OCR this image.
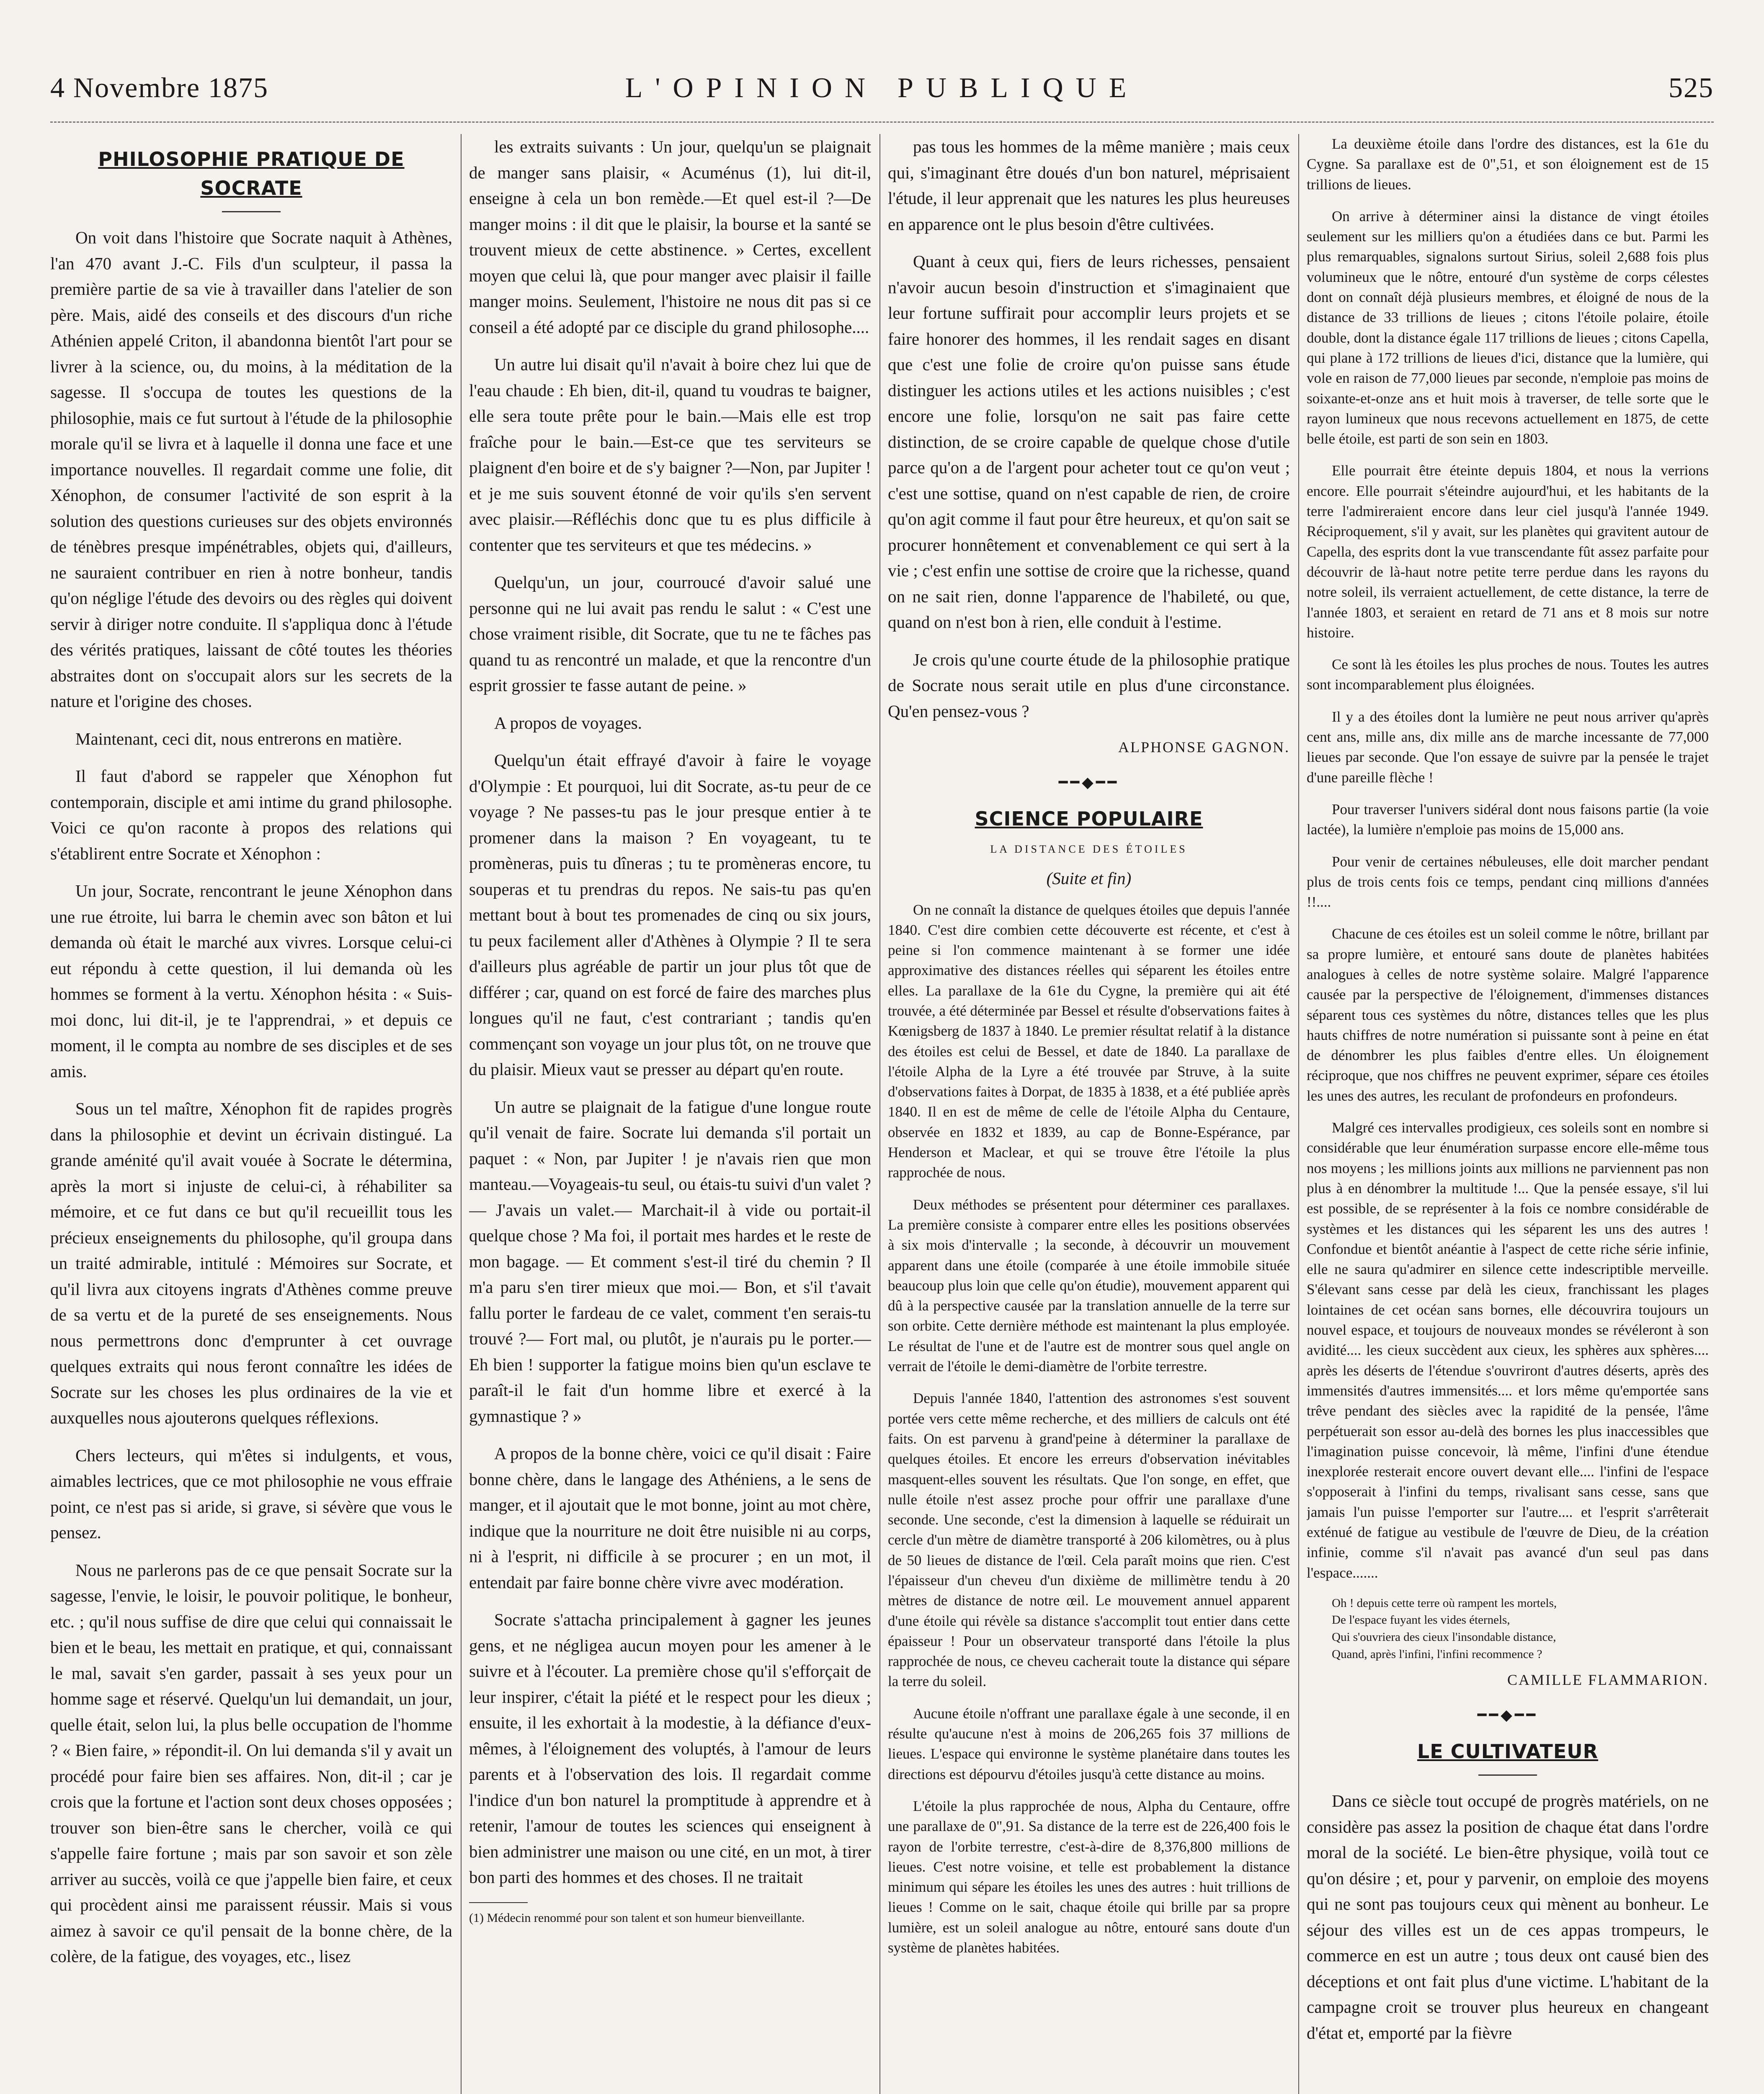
4 Novembre 1875	L'OPINION PUBLIQUE	525
PHILOSOPHIE PRATIQUE DE SOCRATE

On voit dans l'histoire que Socrate naquit à Athènes, l'an 470 avant J.-C. Fils d'un sculpteur, il passa la première partie de sa vie à travailler dans l'atelier de son père. Mais, aidé des conseils et des discours d'un riche Athénien appelé Criton, il abandonna bientôt l'art pour se livrer à la science, ou, du moins, à la méditation de la sagesse. Il s'occupa de toutes les questions de la philosophie, mais ce fut surtout à l'étude de la philosophie morale qu'il se livra et à laquelle il donna une face et une importance nouvelles. Il regardait comme une folie, dit Xénophon, de consumer l'activité de son esprit à la solution des questions curieuses sur des objets environnés de ténèbres presque impénétrables, objets qui, d'ailleurs, ne sauraient contribuer en rien à notre bonheur, tandis qu'on néglige l'étude des devoirs ou des règles qui doivent servir à diriger notre conduite. Il s'appliqua donc à l'étude des vérités pratiques, laissant de côté toutes les théories abstraites dont on s'occupait alors sur les secrets de la nature et l'origine des choses.

Maintenant, ceci dit, nous entrerons en matière.

Il faut d'abord se rappeler que Xénophon fut contemporain, disciple et ami intime du grand philosophe. Voici ce qu'on raconte à propos des relations qui s'établirent entre Socrate et Xénophon :

Un jour, Socrate, rencontrant le jeune Xénophon dans une rue étroite, lui barra le chemin avec son bâton et lui demanda où était le marché aux vivres. Lorsque celui-ci eut répondu à cette question, il lui demanda où les hommes se forment à la vertu. Xénophon hésita : « Suis-moi donc, lui dit-il, je te l'apprendrai, » et depuis ce moment, il le compta au nombre de ses disciples et de ses amis.

Sous un tel maître, Xénophon fit de rapides progrès dans la philosophie et devint un écrivain distingué. La grande aménité qu'il avait vouée à Socrate le détermina, après la mort si injuste de celui-ci, à réhabiliter sa mémoire, et ce fut dans ce but qu'il recueillit tous les précieux enseignements du philosophe, qu'il groupa dans un traité admirable, intitulé : Mémoires sur Socrate, et qu'il livra aux citoyens ingrats d'Athènes comme preuve de sa vertu et de la pureté de ses enseignements. Nous nous permettrons donc d'emprunter à cet ouvrage quelques extraits qui nous feront connaître les idées de Socrate sur les choses les plus ordinaires de la vie et auxquelles nous ajouterons quelques réflexions.

Chers lecteurs, qui m'êtes si indulgents, et vous, aimables lectrices, que ce mot philosophie ne vous effraie point, ce n'est pas si aride, si grave, si sévère que vous le pensez.

Nous ne parlerons pas de ce que pensait Socrate sur la sagesse, l'envie, le loisir, le pouvoir politique, le bonheur, etc. ; qu'il nous suffise de dire que celui qui connaissait le bien et le beau, les mettait en pratique, et qui, connaissant le mal, savait s'en garder, passait à ses yeux pour un homme sage et réservé. Quelqu'un lui demandait, un jour, quelle était, selon lui, la plus belle occupation de l'homme ? « Bien faire, » répondit-il. On lui demanda s'il y avait un procédé pour faire bien ses affaires. Non, dit-il ; car je crois que la fortune et l'action sont deux choses opposées ; trouver son bien-être sans le chercher, voilà ce qui s'appelle faire fortune ; mais par son savoir et son zèle arriver au succès, voilà ce que j'appelle bien faire, et ceux qui procèdent ainsi me paraissent réussir. Mais si vous aimez à savoir ce qu'il pensait de la bonne chère, de la colère, de la fatigue, des voyages, etc., lisez

les extraits suivants : Un jour, quelqu'un se plaignait de manger sans plaisir, « Acuménus (1), lui dit-il, enseigne à cela un bon remède.—Et quel est-il ?—De manger moins : il dit que le plaisir, la bourse et la santé se trouvent mieux de cette abstinence. » Certes, excellent moyen que celui là, que pour manger avec plaisir il faille manger moins. Seulement, l'histoire ne nous dit pas si ce conseil a été adopté par ce disciple du grand philosophe....

Un autre lui disait qu'il n'avait à boire chez lui que de l'eau chaude : Eh bien, dit-il, quand tu voudras te baigner, elle sera toute prête pour le bain.—Mais elle est trop fraîche pour le bain.—Est-ce que tes serviteurs se plaignent d'en boire et de s'y baigner ?—Non, par Jupiter ! et je me suis souvent étonné de voir qu'ils s'en servent avec plaisir.—Réfléchis donc que tu es plus difficile à contenter que tes serviteurs et que tes médecins. »

Quelqu'un, un jour, courroucé d'avoir salué une personne qui ne lui avait pas rendu le salut : « C'est une chose vraiment risible, dit Socrate, que tu ne te fâches pas quand tu as rencontré un malade, et que la rencontre d'un esprit grossier te fasse autant de peine. »

A propos de voyages.

Quelqu'un était effrayé d'avoir à faire le voyage d'Olympie : Et pourquoi, lui dit Socrate, as-tu peur de ce voyage ? Ne passes-tu pas le jour presque entier à te promener dans la maison ? En voyageant, tu te promèneras, puis tu dîneras ; tu te promèneras encore, tu souperas et tu prendras du repos. Ne sais-tu pas qu'en mettant bout à bout tes promenades de cinq ou six jours, tu peux facilement aller d'Athènes à Olympie ? Il te sera d'ailleurs plus agréable de partir un jour plus tôt que de différer ; car, quand on est forcé de faire des marches plus longues qu'il ne faut, c'est contrariant ; tandis qu'en commençant son voyage un jour plus tôt, on ne trouve que du plaisir. Mieux vaut se presser au départ qu'en route.

Un autre se plaignait de la fatigue d'une longue route qu'il venait de faire. Socrate lui demanda s'il portait un paquet : « Non, par Jupiter ! je n'avais rien que mon manteau.—Voyageais-tu seul, ou étais-tu suivi d'un valet ?— J'avais un valet.— Marchait-il à vide ou portait-il quelque chose ? Ma foi, il portait mes hardes et le reste de mon bagage. — Et comment s'est-il tiré du chemin ? Il m'a paru s'en tirer mieux que moi.— Bon, et s'il t'avait fallu porter le fardeau de ce valet, comment t'en serais-tu trouvé ?— Fort mal, ou plutôt, je n'aurais pu le porter.— Eh bien ! supporter la fatigue moins bien qu'un esclave te paraît-il le fait d'un homme libre et exercé à la gymnastique ? »

A propos de la bonne chère, voici ce qu'il disait : Faire bonne chère, dans le langage des Athéniens, a le sens de manger, et il ajoutait que le mot bonne, joint au mot chère, indique que la nourriture ne doit être nuisible ni au corps, ni à l'esprit, ni difficile à se procurer ; en un mot, il entendait par faire bonne chère vivre avec modération.

Socrate s'attacha principalement à gagner les jeunes gens, et ne négligea aucun moyen pour les amener à le suivre et à l'écouter. La première chose qu'il s'efforçait de leur inspirer, c'était la piété et le respect pour les dieux ; ensuite, il les exhortait à la modestie, à la défiance d'eux-mêmes, à l'éloignement des voluptés, à l'amour de leurs parents et à l'observation des lois. Il regardait comme l'indice d'un bon naturel la promptitude à apprendre et à retenir, l'amour de toutes les sciences qui enseignent à bien administrer une maison ou une cité, en un mot, à tirer bon parti des hommes et des choses. Il ne traitait

(1) Médecin renommé pour son talent et son humeur bienveillante.

pas tous les hommes de la même manière ; mais ceux qui, s'imaginant être doués d'un bon naturel, méprisaient l'étude, il leur apprenait que les natures les plus heureuses en apparence ont le plus besoin d'être cultivées.

Quant à ceux qui, fiers de leurs richesses, pensaient n'avoir aucun besoin d'instruction et s'imaginaient que leur fortune suffirait pour accomplir leurs projets et se faire honorer des hommes, il les rendait sages en disant que c'est une folie de croire qu'on puisse sans étude distinguer les actions utiles et les actions nuisibles ; c'est encore une folie, lorsqu'on ne sait pas faire cette distinction, de se croire capable de quelque chose d'utile parce qu'on a de l'argent pour acheter tout ce qu'on veut ; c'est une sottise, quand on n'est capable de rien, de croire qu'on agit comme il faut pour être heureux, et qu'on sait se procurer honnêtement et convenablement ce qui sert à la vie ; c'est enfin une sottise de croire que la richesse, quand on ne sait rien, donne l'apparence de l'habileté, ou que, quand on n'est bon à rien, elle conduit à l'estime.

Je crois qu'une courte étude de la philosophie pratique de Socrate nous serait utile en plus d'une circonstance. Qu'en pensez-vous ?

ALPHONSE GAGNON.
━━◆━━
SCIENCE POPULAIRE
LA DISTANCE DES ÉTOILES
(Suite et fin)

On ne connaît la distance de quelques étoiles que depuis l'année 1840. C'est dire combien cette découverte est récente, et c'est à peine si l'on commence maintenant à se former une idée approximative des distances réelles qui séparent les étoiles entre elles. La parallaxe de la 61e du Cygne, la première qui ait été trouvée, a été déterminée par Bessel et résulte d'observations faites à Kœnigsberg de 1837 à 1840. Le premier résultat relatif à la distance des étoiles est celui de Bessel, et date de 1840. La parallaxe de l'étoile Alpha de la Lyre a été trouvée par Struve, à la suite d'observations faites à Dorpat, de 1835 à 1838, et a été publiée après 1840. Il en est de même de celle de l'étoile Alpha du Centaure, observée en 1832 et 1839, au cap de Bonne-Espérance, par Henderson et Maclear, et qui se trouve être l'étoile la plus rapprochée de nous.

Deux méthodes se présentent pour déterminer ces parallaxes. La première consiste à comparer entre elles les positions observées à six mois d'intervalle ; la seconde, à découvrir un mouvement apparent dans une étoile (comparée à une étoile immobile située beaucoup plus loin que celle qu'on étudie), mouvement apparent qui dû à la perspective causée par la translation annuelle de la terre sur son orbite. Cette dernière méthode est maintenant la plus employée. Le résultat de l'une et de l'autre est de montrer sous quel angle on verrait de l'étoile le demi-diamètre de l'orbite terrestre.

Depuis l'année 1840, l'attention des astronomes s'est souvent portée vers cette même recherche, et des milliers de calculs ont été faits. On est parvenu à grand'peine à déterminer la parallaxe de quelques étoiles. Et encore les erreurs d'observation inévitables masquent-elles souvent les résultats. Que l'on songe, en effet, que nulle étoile n'est assez proche pour offrir une parallaxe d'une seconde. Une seconde, c'est la dimension à laquelle se réduirait un cercle d'un mètre de diamètre transporté à 206 kilomètres, ou à plus de 50 lieues de distance de l'œil. Cela paraît moins que rien. C'est l'épaisseur d'un cheveu d'un dixième de millimètre tendu à 20 mètres de distance de notre œil. Le mouvement annuel apparent d'une étoile qui révèle sa distance s'accomplit tout entier dans cette épaisseur ! Pour un observateur transporté dans l'étoile la plus rapprochée de nous, ce cheveu cacherait toute la distance qui sépare la terre du soleil.

Aucune étoile n'offrant une parallaxe égale à une seconde, il en résulte qu'aucune n'est à moins de 206,265 fois 37 millions de lieues. L'espace qui environne le système planétaire dans toutes les directions est dépourvu d'étoiles jusqu'à cette distance au moins.

L'étoile la plus rapprochée de nous, Alpha du Centaure, offre une parallaxe de 0",91. Sa distance de la terre est de 226,400 fois le rayon de l'orbite terrestre, c'est-à-dire de 8,376,800 millions de lieues. C'est notre voisine, et telle est probablement la distance minimum qui sépare les étoiles les unes des autres : huit trillions de lieues ! Comme on le sait, chaque étoile qui brille par sa propre lumière, est un soleil analogue au nôtre, entouré sans doute d'un système de planètes habitées.

La deuxième étoile dans l'ordre des distances, est la 61e du Cygne. Sa parallaxe est de 0",51, et son éloignement est de 15 trillions de lieues.

On arrive à déterminer ainsi la distance de vingt étoiles seulement sur les milliers qu'on a étudiées dans ce but. Parmi les plus remarquables, signalons surtout Sirius, soleil 2,688 fois plus volumineux que le nôtre, entouré d'un système de corps célestes dont on connaît déjà plusieurs membres, et éloigné de nous de la distance de 33 trillions de lieues ; citons l'étoile polaire, étoile double, dont la distance égale 117 trillions de lieues ; citons Capella, qui plane à 172 trillions de lieues d'ici, distance que la lumière, qui vole en raison de 77,000 lieues par seconde, n'emploie pas moins de soixante-et-onze ans et huit mois à traverser, de telle sorte que le rayon lumineux que nous recevons actuellement en 1875, de cette belle étoile, est parti de son sein en 1803.

Elle pourrait être éteinte depuis 1804, et nous la verrions encore. Elle pourrait s'éteindre aujourd'hui, et les habitants de la terre l'admireraient encore dans leur ciel jusqu'à l'année 1949. Réciproquement, s'il y avait, sur les planètes qui gravitent autour de Capella, des esprits dont la vue transcendante fût assez parfaite pour découvrir de là-haut notre petite terre perdue dans les rayons du notre soleil, ils verraient actuellement, de cette distance, la terre de l'année 1803, et seraient en retard de 71 ans et 8 mois sur notre histoire.

Ce sont là les étoiles les plus proches de nous. Toutes les autres sont incomparablement plus éloignées.

Il y a des étoiles dont la lumière ne peut nous arriver qu'après cent ans, mille ans, dix mille ans de marche incessante de 77,000 lieues par seconde. Que l'on essaye de suivre par la pensée le trajet d'une pareille flèche !

Pour traverser l'univers sidéral dont nous faisons partie (la voie lactée), la lumière n'emploie pas moins de 15,000 ans.

Pour venir de certaines nébuleuses, elle doit marcher pendant plus de trois cents fois ce temps, pendant cinq millions d'années !!....

Chacune de ces étoiles est un soleil comme le nôtre, brillant par sa propre lumière, et entouré sans doute de planètes habitées analogues à celles de notre système solaire. Malgré l'apparence causée par la perspective de l'éloignement, d'immenses distances séparent tous ces systèmes du nôtre, distances telles que les plus hauts chiffres de notre numération si puissante sont à peine en état de dénombrer les plus faibles d'entre elles. Un éloignement réciproque, que nos chiffres ne peuvent exprimer, sépare ces étoiles les unes des autres, les reculant de profondeurs en profondeurs.

Malgré ces intervalles prodigieux, ces soleils sont en nombre si considérable que leur énumération surpasse encore elle-même tous nos moyens ; les millions joints aux millions ne parviennent pas non plus à en dénombrer la multitude !... Que la pensée essaye, s'il lui est possible, de se représenter à la fois ce nombre considérable de systèmes et les distances qui les séparent les uns des autres ! Confondue et bientôt anéantie à l'aspect de cette riche série infinie, elle ne saura qu'admirer en silence cette indescriptible merveille. S'élevant sans cesse par delà les cieux, franchissant les plages lointaines de cet océan sans bornes, elle découvrira toujours un nouvel espace, et toujours de nouveaux mondes se révéleront à son avidité.... les cieux succèdent aux cieux, les sphères aux sphères.... après les déserts de l'étendue s'ouvriront d'autres déserts, après des immensités d'autres immensités.... et lors même qu'emportée sans trêve pendant des siècles avec la rapidité de la pensée, l'âme perpétuerait son essor au-delà des bornes les plus inaccessibles que l'imagination puisse concevoir, là même, l'infini d'une étendue inexplorée resterait encore ouvert devant elle.... l'infini de l'espace s'opposerait à l'infini du temps, rivalisant sans cesse, sans que jamais l'un puisse l'emporter sur l'autre.... et l'esprit s'arrêterait exténué de fatigue au vestibule de l'œuvre de Dieu, de la création infinie, comme s'il n'avait pas avancé d'un seul pas dans l'espace.......

Oh ! depuis cette terre où rampent les mortels,
De l'espace fuyant les vides éternels,
Qui s'ouvriera des cieux l'insondable distance,
Quand, après l'infini, l'infini recommence ?
CAMILLE FLAMMARION.
━━◆━━
LE CULTIVATEUR

Dans ce siècle tout occupé de progrès matériels, on ne considère pas assez la position de chaque état dans l'ordre moral de la société. Le bien-être physique, voilà tout ce qu'on désire ; et, pour y parvenir, on emploie des moyens qui ne sont pas toujours ceux qui mènent au bonheur. Le séjour des villes est un de ces appas trompeurs, le commerce en est un autre ; tous deux ont causé bien des déceptions et ont fait plus d'une victime. L'habitant de la campagne croit se trouver plus heureux en changeant d'état et, emporté par la fièvre
